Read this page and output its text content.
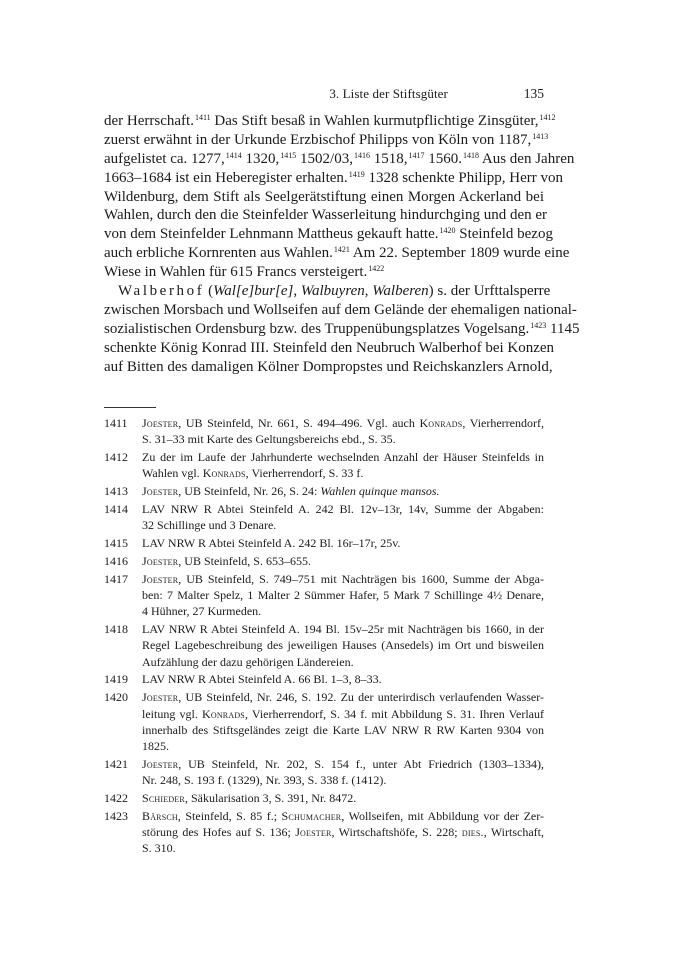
3. Liste der Stiftsgüter	135
der Herrschaft.$^{1411}$ Das Stift besaß in Wahlen kurmutpflichtige Zinsgüter,$^{1412}$
zuerst erwähnt in der Urkunde Erzbischof Philipps von Köln von 1187,$^{1413}$
aufgelistet ca. 1277,$^{1414}$ 1320,$^{1415}$ 1502/03,$^{1416}$ 1518,$^{1417}$ 1560.$^{1418}$ Aus den Jahren
1663–1684 ist ein Heberegister erhalten.$^{1419}$ 1328 schenkte Philipp, Herr von
Wildenburg, dem Stift als Seelgerätstiftung einen Morgen Ackerland bei
Wahlen, durch den die Steinfelder Wasserleitung hindurchging und den er
von dem Steinfelder Lehnmann Mattheus gekauft hatte.$^{1420}$ Steinfeld bezog
auch erbliche Kornrenten aus Wahlen.$^{1421}$ Am 22. September 1809 wurde eine
Wiese in Wahlen für 615 Francs versteigert.$^{1422}$
Walberhof (Wal[e]bur[e], Walbuyren, Walberen) s. der Urfttalsperre
zwischen Morsbach und Wollseifen auf dem Gelände der ehemaligen national-
sozialistischen Ordensburg bzw. des Truppenübungsplatzes Vogelsang.$^{1423}$ 1145
schenkte König Konrad III. Steinfeld den Neubruch Walberhof bei Konzen
auf Bitten des damaligen Kölner Dompropstes und Reichskanzlers Arnold,
1411 Joester, UB Steinfeld, Nr. 661, S. 494–496. Vgl. auch Konrads, Vierherrendorf,
S. 31–33 mit Karte des Geltungsbereichs ebd., S. 35.
1412 Zu der im Laufe der Jahrhunderte wechselnden Anzahl der Häuser Steinfelds in
Wahlen vgl. Konrads, Vierherrendorf, S. 33 f.
1413 Joester, UB Steinfeld, Nr. 26, S. 24: Wahlen quinque mansos.
1414 LAV NRW R Abtei Steinfeld A. 242 Bl. 12v–13r, 14v, Summe der Abgaben:
32 Schillinge und 3 Denare.
1415 LAV NRW R Abtei Steinfeld A. 242 Bl. 16r–17r, 25v.
1416 Joester, UB Steinfeld, S. 653–655.
1417 Joester, UB Steinfeld, S. 749–751 mit Nachträgen bis 1600, Summe der Abga-
ben: 7 Malter Spelz, 1 Malter 2 Sümmer Hafer, 5 Mark 7 Schillinge 4½ Denare,
4 Hühner, 27 Kurmeden.
1418 LAV NRW R Abtei Steinfeld A. 194 Bl. 15v–25r mit Nachträgen bis 1660, in der
Regel Lagebeschreibung des jeweiligen Hauses (Ansedels) im Ort und bisweilen
Aufzählung der dazu gehörigen Ländereien.
1419 LAV NRW R Abtei Steinfeld A. 66 Bl. 1–3, 8–33.
1420 Joester, UB Steinfeld, Nr. 246, S. 192. Zu der unterirdisch verlaufenden Wasser-
leitung vgl. Konrads, Vierherrendorf, S. 34 f. mit Abbildung S. 31. Ihren Verlauf
innerhalb des Stiftsgeländes zeigt die Karte LAV NRW R RW Karten 9304 von
1825.
1421 Joester, UB Steinfeld, Nr. 202, S. 154 f., unter Abt Friedrich (1303–1334),
Nr. 248, S. 193 f. (1329), Nr. 393, S. 338 f. (1412).
1422 Schieder, Säkularisation 3, S. 391, Nr. 8472.
1423 Bärsch, Steinfeld, S. 85 f.; Schumacher, Wollseifen, mit Abbildung vor der Zer-
störung des Hofes auf S. 136; Joester, Wirtschaftshöfe, S. 228; dies., Wirtschaft,
S. 310.
